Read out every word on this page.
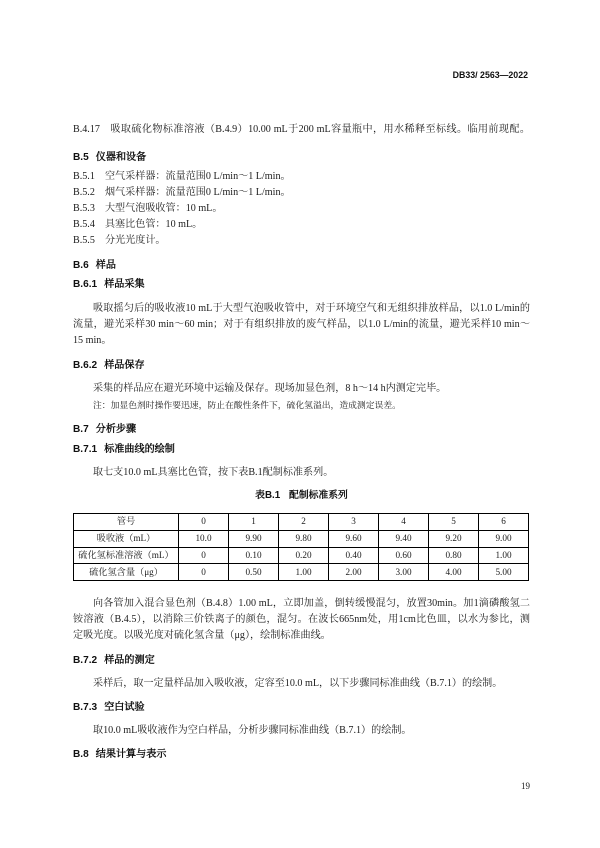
DB33/ 2563—2022
B.4.17 吸取硫化物标准溶液（B.4.9）10.00 mL于200 mL容量瓶中，用水稀释至标线。临用前现配。
B.5 仪器和设备
B.5.1 空气采样器：流量范围0 L/min～1 L/min。
B.5.2 烟气采样器：流量范围0 L/min～1 L/min。
B.5.3 大型气泡吸收管：10 mL。
B.5.4 具塞比色管：10 mL。
B.5.5 分光光度计。
B.6 样品
B.6.1 样品采集
吸取摇匀后的吸收液10 mL于大型气泡吸收管中，对于环境空气和无组织排放样品，以1.0 L/min的
流量，避光采样30 min～60 min；对于有组织排放的废气样品，以1.0 L/min的流量，避光采样10 min～
15 min。
B.6.2 样品保存
采集的样品应在避光环境中运输及保存。现场加显色剂，8 h～14 h内测定完毕。
注：加显色剂时操作要迅速，防止在酸性条件下，硫化氢溢出，造成测定误差。
B.7 分析步骤
B.7.1 标准曲线的绘制
取七支10.0 mL具塞比色管，按下表B.1配制标准系列。
表B.1 配制标准系列
管号	0	1	2	3	4	5	6
吸收液（mL）	10.0	9.90	9.80	9.60	9.40	9.20	9.00
硫化氢标准溶液（mL）	0	0.10	0.20	0.40	0.60	0.80	1.00
硫化氢含量（μg）	0	0.50	1.00	2.00	3.00	4.00	5.00
向各管加入混合显色剂（B.4.8）1.00 mL，立即加盖，倒转缓慢混匀，放置30min。加1滴磷酸氢二
铵溶液（B.4.5），以消除三价铁离子的颜色，混匀。在波长665nm处，用1cm比色皿，以水为参比，测
定吸光度。以吸光度对硫化氢含量（μg），绘制标准曲线。
B.7.2 样品的测定
采样后，取一定量样品加入吸收液，定容至10.0 mL，以下步骤同标准曲线（B.7.1）的绘制。
B.7.3 空白试验
取10.0 mL吸收液作为空白样品，分析步骤同标准曲线（B.7.1）的绘制。
B.8 结果计算与表示
19
